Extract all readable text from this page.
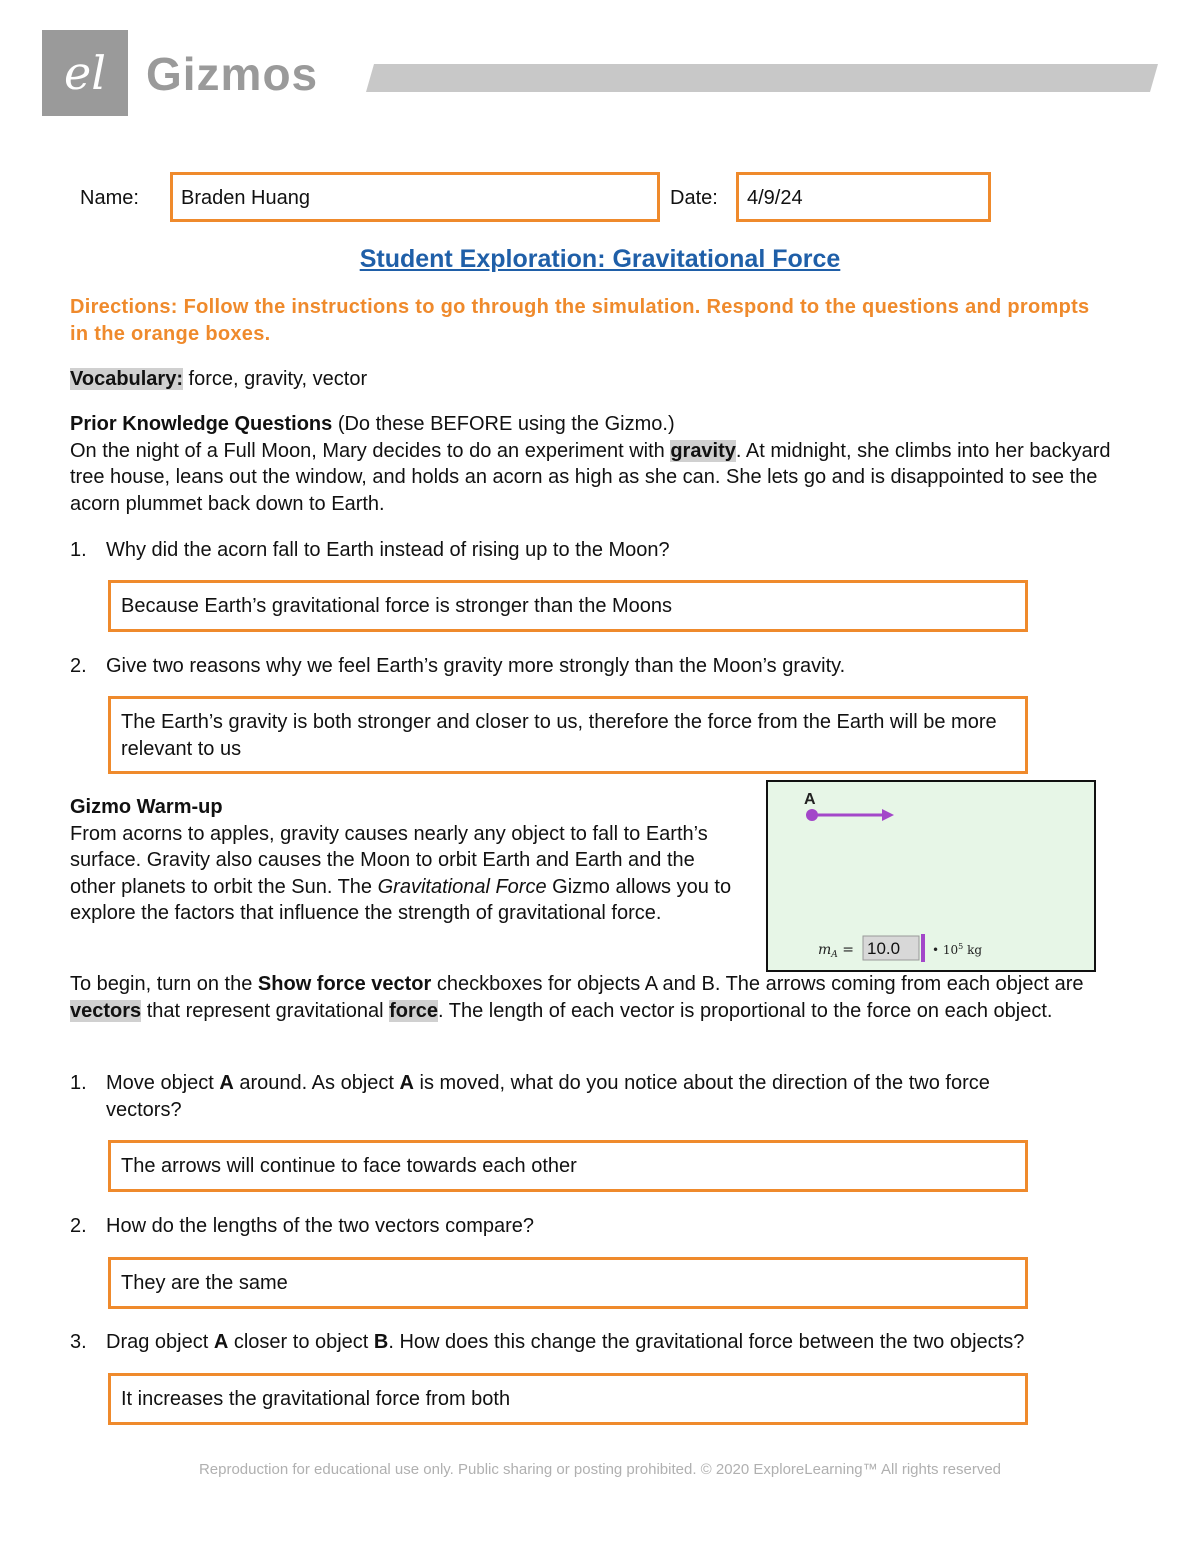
el Gizmos
Name:	Braden Huang	Date:	4/9/24
Student Exploration: Gravitational Force
Directions: Follow the instructions to go through the simulation. Respond to the questions and prompts in the orange boxes.
Vocabulary: force, gravity, vector
Prior Knowledge Questions (Do these BEFORE using the Gizmo.)
On the night of a Full Moon, Mary decides to do an experiment with gravity. At midnight, she climbs into her backyard tree house, leans out the window, and holds an acorn as high as she can. She lets go and is disappointed to see the acorn plummet back down to Earth.
1. Why did the acorn fall to Earth instead of rising up to the Moon?
Because Earth’s gravitational force is stronger than the Moons
2. Give two reasons why we feel Earth’s gravity more strongly than the Moon’s gravity.
The Earth’s gravity is both stronger and closer to us, therefore the force from the Earth will be more relevant to us
Gizmo Warm-up
From acorns to apples, gravity causes nearly any object to fall to Earth’s surface. Gravity also causes the Moon to orbit Earth and Earth and the other planets to orbit the Sun. The Gravitational Force Gizmo allows you to explore the factors that influence the strength of gravitational force.
A
$m_A = 10.0$	• $10^5$ kg
To begin, turn on the Show force vector checkboxes for objects A and B. The arrows coming from each object are vectors that represent gravitational force. The length of each vector is proportional to the force on each object.
1. Move object A around. As object A is moved, what do you notice about the direction of the two force vectors?
The arrows will continue to face towards each other
2. How do the lengths of the two vectors compare?
They are the same
3. Drag object A closer to object B. How does this change the gravitational force between the two objects?
It increases the gravitational force from both
Reproduction for educational use only. Public sharing or posting prohibited. © 2020 ExploreLearning™ All rights reserved
